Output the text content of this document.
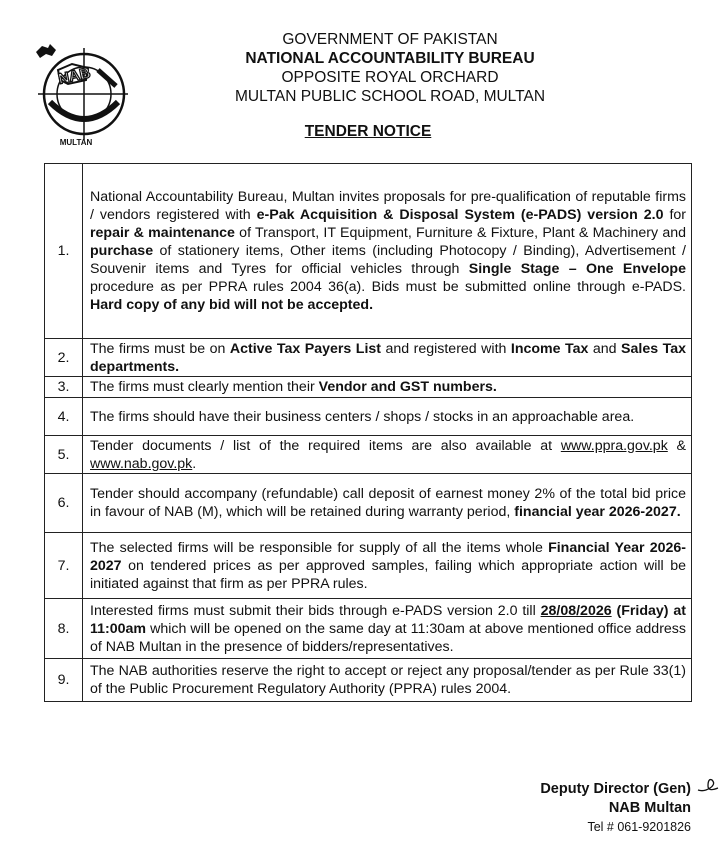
NAB
MULTAN
GOVERNMENT OF PAKISTAN
NATIONAL ACCOUNTABILITY BUREAU
OPPOSITE ROYAL ORCHARD
MULTAN PUBLIC SCHOOL ROAD, MULTAN
TENDER NOTICE
1.	National Accountability Bureau, Multan invites proposals for pre-qualification of reputable firms / vendors registered with e-Pak Acquisition & Disposal System (e-PADS) version 2.0 for repair & maintenance of Transport, IT Equipment, Furniture & Fixture, Plant & Machinery and purchase of stationery items, Other items (including Photocopy / Binding), Advertisement / Souvenir items and Tyres for official vehicles through Single Stage – One Envelope procedure as per PPRA rules 2004 36(a). Bids must be submitted online through e-PADS. Hard copy of any bid will not be accepted.
2.	The firms must be on Active Tax Payers List and registered with Income Tax and Sales Tax departments.
3.	The firms must clearly mention their Vendor and GST numbers.
4.	The firms should have their business centers / shops / stocks in an approachable area.
5.	Tender documents / list of the required items are also available at www.ppra.gov.pk & www.nab.gov.pk.
6.	Tender should accompany (refundable) call deposit of earnest money 2% of the total bid price in favour of NAB (M), which will be retained during warranty period, financial year 2026-2027.
7.	The selected firms will be responsible for supply of all the items whole Financial Year 2026-2027 on tendered prices as per approved samples, failing which appropriate action will be initiated against that firm as per PPRA rules.
8.	Interested firms must submit their bids through e-PADS version 2.0 till 28/08/2026 (Friday) at 11:00am which will be opened on the same day at 11:30am at above mentioned office address of NAB Multan in the presence of bidders/representatives.
9.	The NAB authorities reserve the right to accept or reject any proposal/tender as per Rule 33(1) of the Public Procurement Regulatory Authority (PPRA) rules 2004.
Deputy Director (Gen)
NAB Multan
Tel # 061-9201826
